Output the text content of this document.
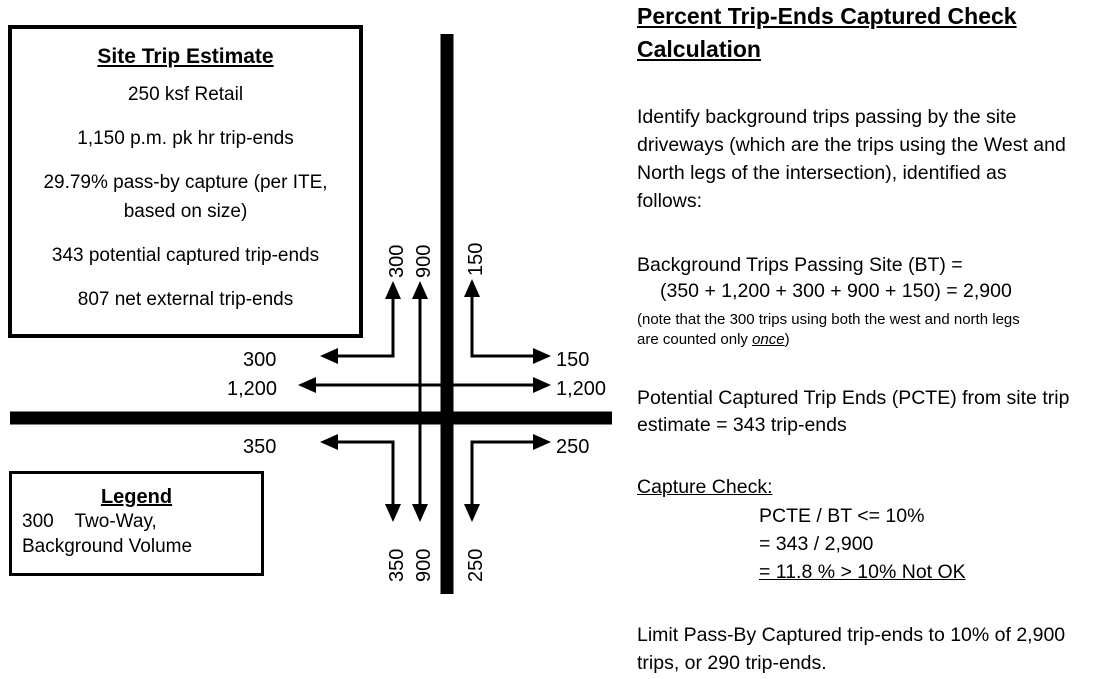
300 900 150
300
1,200
350
150
1,200
250
350 900 250
Site Trip Estimate
250 ksf Retail
1,150 p.m. pk hr trip-ends
29.79% pass-by capture (per ITE,
based on size)
343 potential captured trip-ends
807 net external trip-ends
Legend
300    Two-Way,
Background Volume
Percent Trip-Ends Captured Check
Calculation
Identify background trips passing by the site
driveways (which are the trips using the West and
North legs of the intersection), identified as
follows:
Background Trips Passing Site (BT) =
(350 + 1,200 + 300 + 900 + 150) = 2,900
(note that the 300 trips using both the west and north legs
are counted only once)
Potential Captured Trip Ends (PCTE) from site trip
estimate = 343 trip-ends
Capture Check:
PCTE / BT <= 10%
= 343 / 2,900
= 11.8 % > 10% Not OK
Limit Pass-By Captured trip-ends to 10% of 2,900
trips, or 290 trip-ends.
